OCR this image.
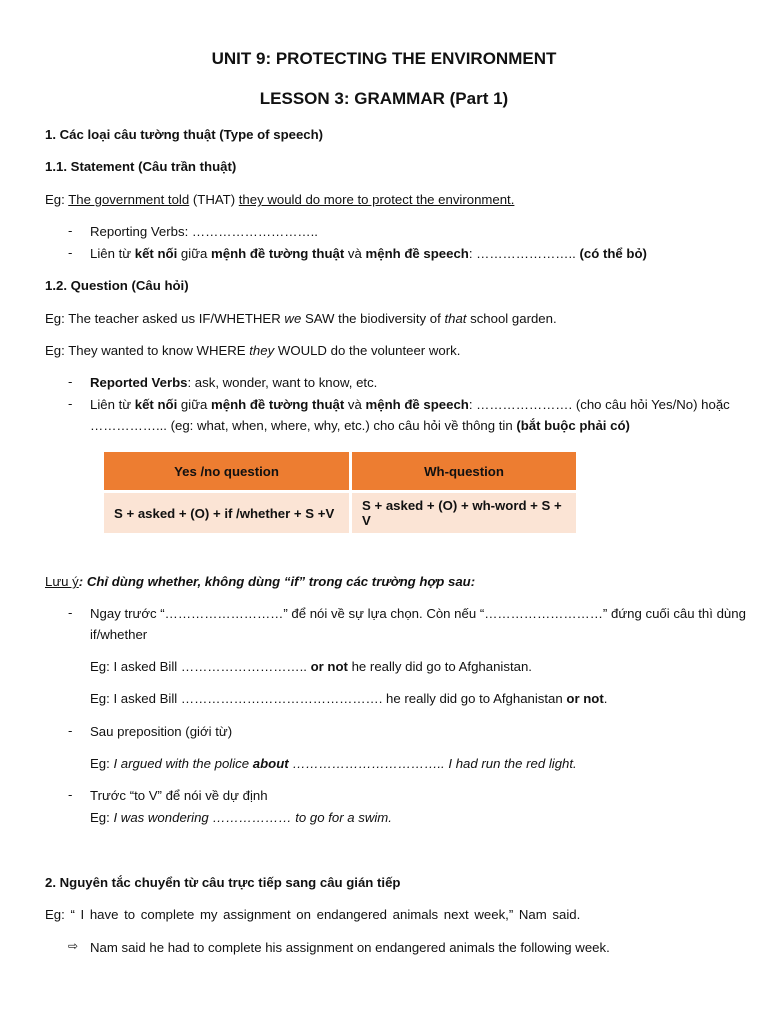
UNIT 9: PROTECTING THE ENVIRONMENT
LESSON 3: GRAMMAR (Part 1)
1. Các loại câu tường thuật (Type of speech)
1.1. Statement (Câu trần thuật)
Eg: The government told (THAT) they would do more to protect the environment.
- Reporting Verbs: ………………………..
- Liên từ kết nối giữa mệnh đề tường thuật và mệnh đề speech: ………………….. (có thể bỏ)
1.2. Question (Câu hỏi)
Eg: The teacher asked us IF/WHETHER we SAW the biodiversity of that school garden.
Eg: They wanted to know WHERE they WOULD do the volunteer work.
- Reported Verbs: ask, wonder, want to know, etc.
- Liên từ kết nối giữa mệnh đề tường thuật và mệnh đề speech: …………………. (cho câu hỏi Yes/No) hoặc
……………... (eg: what, when, where, why, etc.) cho câu hỏi về thông tin (bắt buộc phải có)
Yes /no question	Wh-question
S + asked + (O) + if /whether + S +V	S + asked + (O) + wh-word + S + V
Lưu ý: Chỉ dùng whether, không dùng “if” trong các trường hợp sau:
- Ngay trước “………………………” để nói về sự lựa chọn. Còn nếu “………………………” đứng cuối câu thì dùng
if/whether
Eg: I asked Bill ……………………….. or not he really did go to Afghanistan.
Eg: I asked Bill ………………………………………. he really did go to Afghanistan or not.
- Sau preposition (giới từ)
Eg: I argued with the police about …………………………….. I had run the red light.
- Trước “to V” để nói về dự định
Eg: I was wondering ……………… to go for a swim.
2. Nguyên tắc chuyển từ câu trực tiếp sang câu gián tiếp
Eg: “ I have to complete my assignment on endangered animals next week,” Nam said.
⇨ Nam said he had to complete his assignment on endangered animals the following week.
